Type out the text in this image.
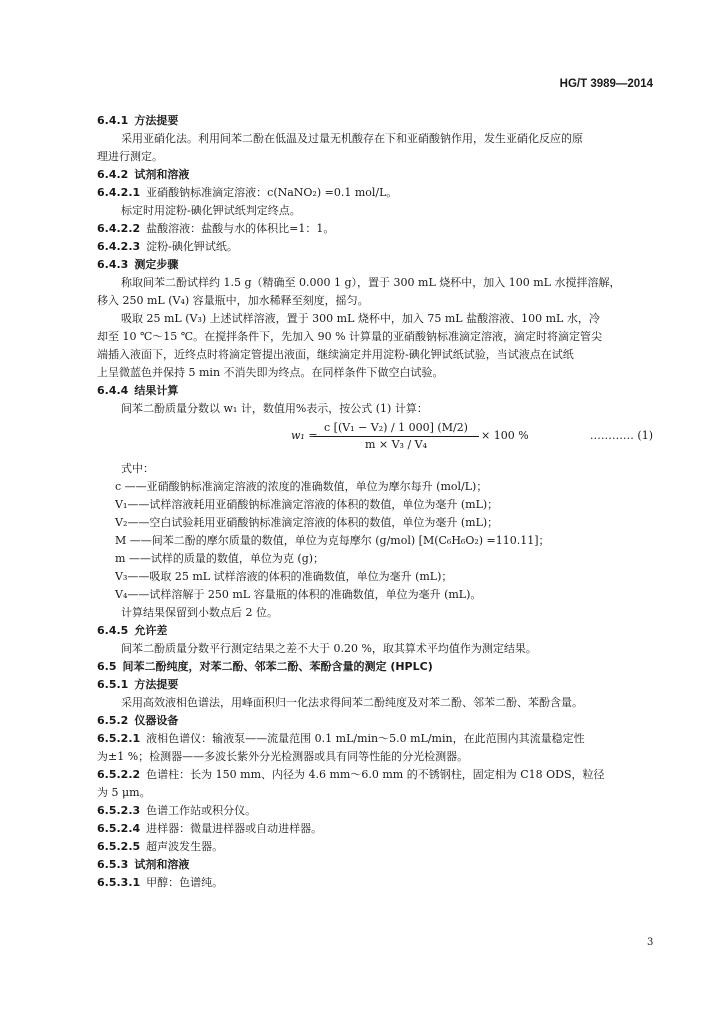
HG/T 3989—2014
6.4.1 方法提要
采用亚硝化法。利用间苯二酚在低温及过量无机酸存在下和亚硝酸钠作用，发生亚硝化反应的原
理进行测定。
6.4.2 试剂和溶液
6.4.2.1 亚硝酸钠标准滴定溶液：c(NaNO₂) =0.1 mol/L。
标定时用淀粉-碘化钾试纸判定终点。
6.4.2.2 盐酸溶液：盐酸与水的体积比=1：1。
6.4.2.3 淀粉-碘化钾试纸。
6.4.3 测定步骤
称取间苯二酚试样约 1.5 g（精确至 0.000 1 g），置于 300 mL 烧杯中，加入 100 mL 水搅拌溶解，
移入 250 mL (V₄) 容量瓶中，加水稀释至刻度，摇匀。
吸取 25 mL (V₃) 上述试样溶液，置于 300 mL 烧杯中，加入 75 mL 盐酸溶液、100 mL 水，冷
却至 10 ℃～15 ℃。在搅拌条件下，先加入 90 % 计算量的亚硝酸钠标准滴定溶液，滴定时将滴定管尖
端插入液面下，近终点时将滴定管提出液面，继续滴定并用淀粉-碘化钾试纸试验，当试液点在试纸
上呈微蓝色并保持 5 min 不消失即为终点。在同样条件下做空白试验。
6.4.4 结果计算
间苯二酚质量分数以 w₁ 计，数值用%表示，按公式 (1) 计算：
w₁ =
$\frac{\text{c [(V₁ − V₂) / 1 000] (M/2)}}{\text{m × V₃ / V₄}} \times 100$ %	………… (1)
式中：
c ——亚硝酸钠标准滴定溶液的浓度的准确数值，单位为摩尔每升 (mol/L)；
V₁——试样溶液耗用亚硝酸钠标准滴定溶液的体积的数值，单位为毫升 (mL)；
V₂——空白试验耗用亚硝酸钠标准滴定溶液的体积的数值，单位为毫升 (mL)；
M ——间苯二酚的摩尔质量的数值，单位为克每摩尔 (g/mol) [M(C₆H₆O₂) =110.11]；
m ——试样的质量的数值，单位为克 (g)；
V₃——吸取 25 mL 试样溶液的体积的准确数值，单位为毫升 (mL)；
V₄——试样溶解于 250 mL 容量瓶的体积的准确数值，单位为毫升 (mL)。
计算结果保留到小数点后 2 位。
6.4.5 允许差
间苯二酚质量分数平行测定结果之差不大于 0.20 %，取其算术平均值作为测定结果。
6.5 间苯二酚纯度，对苯二酚、邻苯二酚、苯酚含量的测定 (HPLC)
6.5.1 方法提要
采用高效液相色谱法，用峰面积归一化法求得间苯二酚纯度及对苯二酚、邻苯二酚、苯酚含量。
6.5.2 仪器设备
6.5.2.1 液相色谱仪：输液泵——流量范围 0.1 mL/min～5.0 mL/min，在此范围内其流量稳定性
为±1 %；检测器——多波长紫外分光检测器或具有同等性能的分光检测器。
6.5.2.2 色谱柱：长为 150 mm、内径为 4.6 mm～6.0 mm 的不锈钢柱，固定相为 C18 ODS，粒径
为 5 μm。
6.5.2.3 色谱工作站或积分仪。
6.5.2.4 进样器：微量进样器或自动进样器。
6.5.2.5 超声波发生器。
6.5.3 试剂和溶液
6.5.3.1 甲醇：色谱纯。
3
